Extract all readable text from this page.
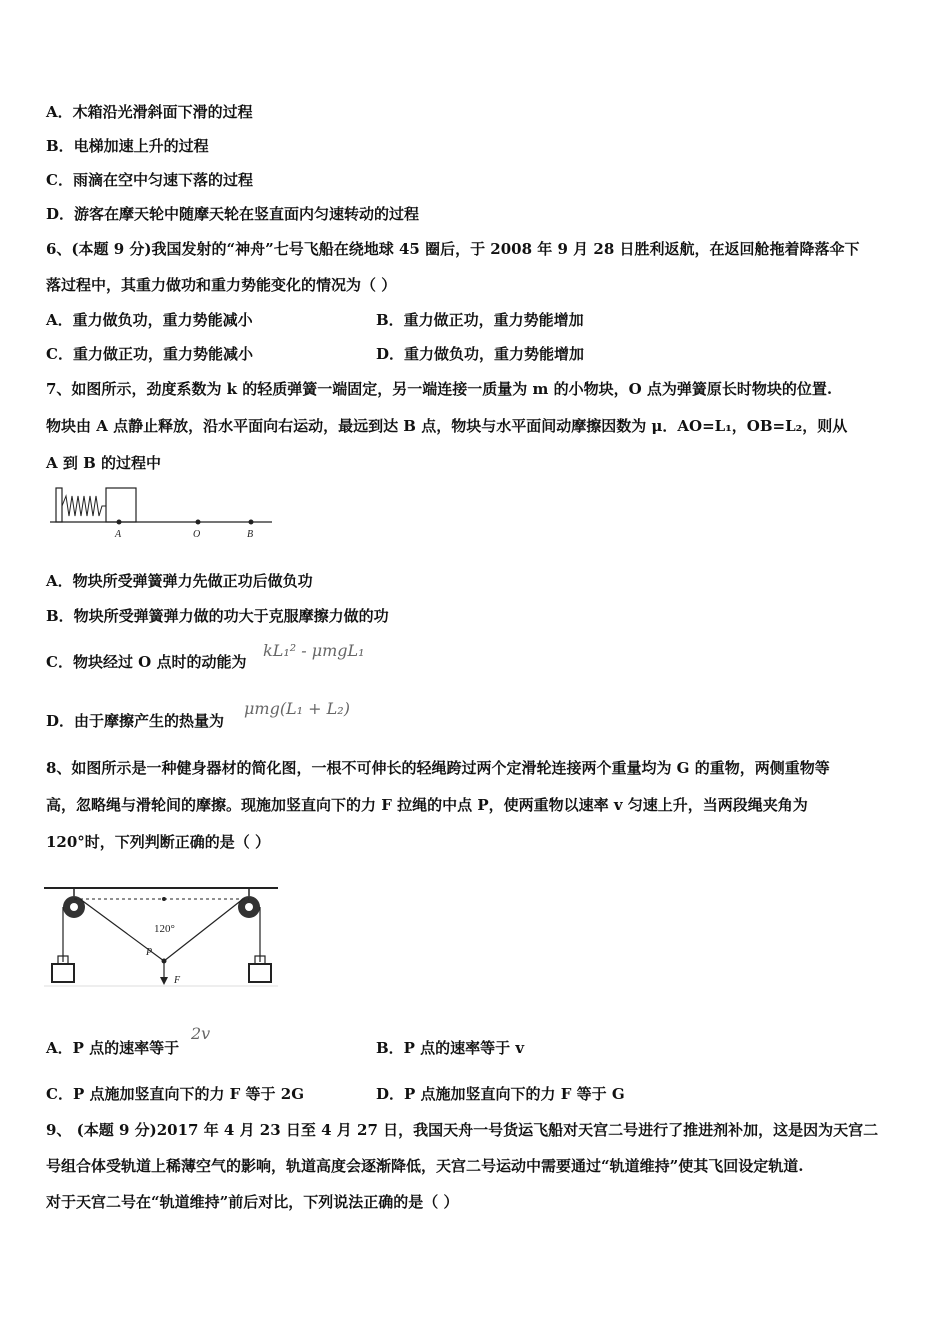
A．木箱沿光滑斜面下滑的过程
B．电梯加速上升的过程
C．雨滴在空中匀速下落的过程
D．游客在摩天轮中随摩天轮在竖直面内匀速转动的过程
6、(本题 9 分)我国发射的“神舟”七号飞船在绕地球 45 圈后，于 2008 年 9 月 28 日胜利返航，在返回舱拖着降落伞下
落过程中，其重力做功和重力势能变化的情况为（ ）
A．重力做负功，重力势能减小	B．重力做正功，重力势能增加
C．重力做正功，重力势能减小	D．重力做负功，重力势能增加
7、如图所示，劲度系数为 k 的轻质弹簧一端固定，另一端连接一质量为 m 的小物块，O 点为弹簧原长时物块的位置.
物块由 A 点静止释放，沿水平面向右运动，最远到达 B 点，物块与水平面间动摩擦因数为 μ．AO=L₁，OB=L₂，则从
A 到 B 的过程中
A	O	B
A．物块所受弹簧弹力先做正功后做负功
B．物块所受弹簧弹力做的功大于克服摩擦力做的功
C．物块经过 O 点时的动能为
kL₁² - μmgL₁
D．由于摩擦产生的热量为
μmg(L₁ + L₂)
8、如图所示是一种健身器材的简化图，一根不可伸长的轻绳跨过两个定滑轮连接两个重量均为 G 的重物，两侧重物等
高，忽略绳与滑轮间的摩擦。现施加竖直向下的力 F 拉绳的中点 P，使两重物以速率 v 匀速上升，当两段绳夹角为
120°时，下列判断正确的是（ ）
120°
P
F
A．P 点的速率等于
2v
B．P 点的速率等于 v
C．P 点施加竖直向下的力 F 等于 2G	D．P 点施加竖直向下的力 F 等于 G
9、 (本题 9 分)2017 年 4 月 23 日至 4 月 27 日，我国天舟一号货运飞船对天宫二号进行了推进剂补加，这是因为天宫二
号组合体受轨道上稀薄空气的影响，轨道高度会逐渐降低，天宫二号运动中需要通过“轨道维持”使其飞回设定轨道.
对于天宫二号在“轨道维持”前后对比，下列说法正确的是（ ）
